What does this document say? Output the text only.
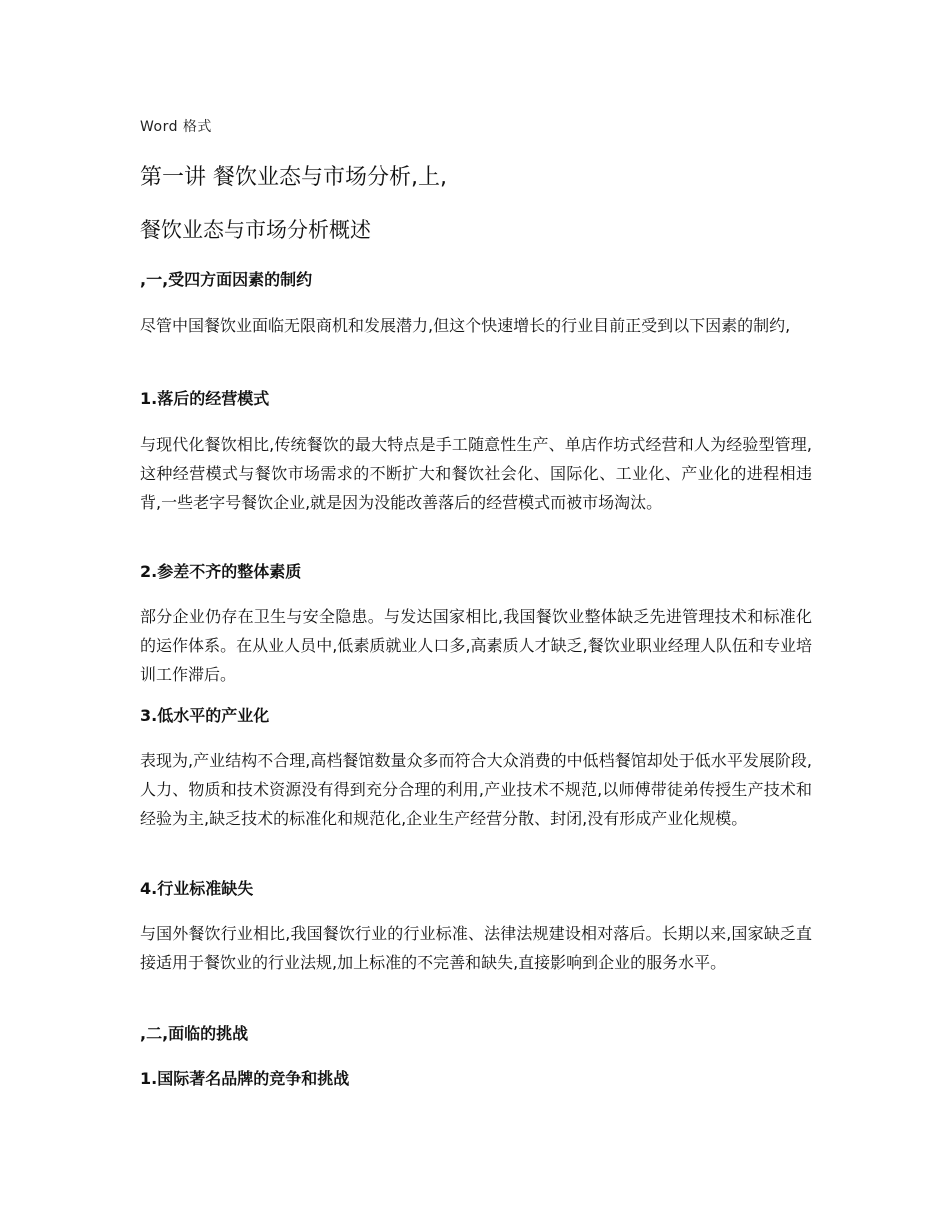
Word 格式
第一讲 餐饮业态与市场分析,上,
餐饮业态与市场分析概述
,一,受四方面因素的制约

尽管中国餐饮业面临无限商机和发展潜力,但这个快速增长的行业目前正受到以下因素的制约,

1.落后的经营模式

与现代化餐饮相比,传统餐饮的最大特点是手工随意性生产、单店作坊式经营和人为经验型管理,这种经营模式与餐饮市场需求的不断扩大和餐饮社会化、国际化、工业化、产业化的进程相违背,一些老字号餐饮企业,就是因为没能改善落后的经营模式而被市场淘汰。

2.参差不齐的整体素质

部分企业仍存在卫生与安全隐患。与发达国家相比,我国餐饮业整体缺乏先进管理技术和标准化的运作体系。在从业人员中,低素质就业人口多,高素质人才缺乏,餐饮业职业经理人队伍和专业培训工作滞后。

3.低水平的产业化

表现为,产业结构不合理,高档餐馆数量众多而符合大众消费的中低档餐馆却处于低水平发展阶段,人力、物质和技术资源没有得到充分合理的利用,产业技术不规范,以师傅带徒弟传授生产技术和经验为主,缺乏技术的标准化和规范化,企业生产经营分散、封闭,没有形成产业化规模。

4.行业标准缺失

与国外餐饮行业相比,我国餐饮行业的行业标准、法律法规建设相对落后。长期以来,国家缺乏直接适用于餐饮业的行业法规,加上标准的不完善和缺失,直接影响到企业的服务水平。

,二,面临的挑战
1.国际著名品牌的竞争和挑战
